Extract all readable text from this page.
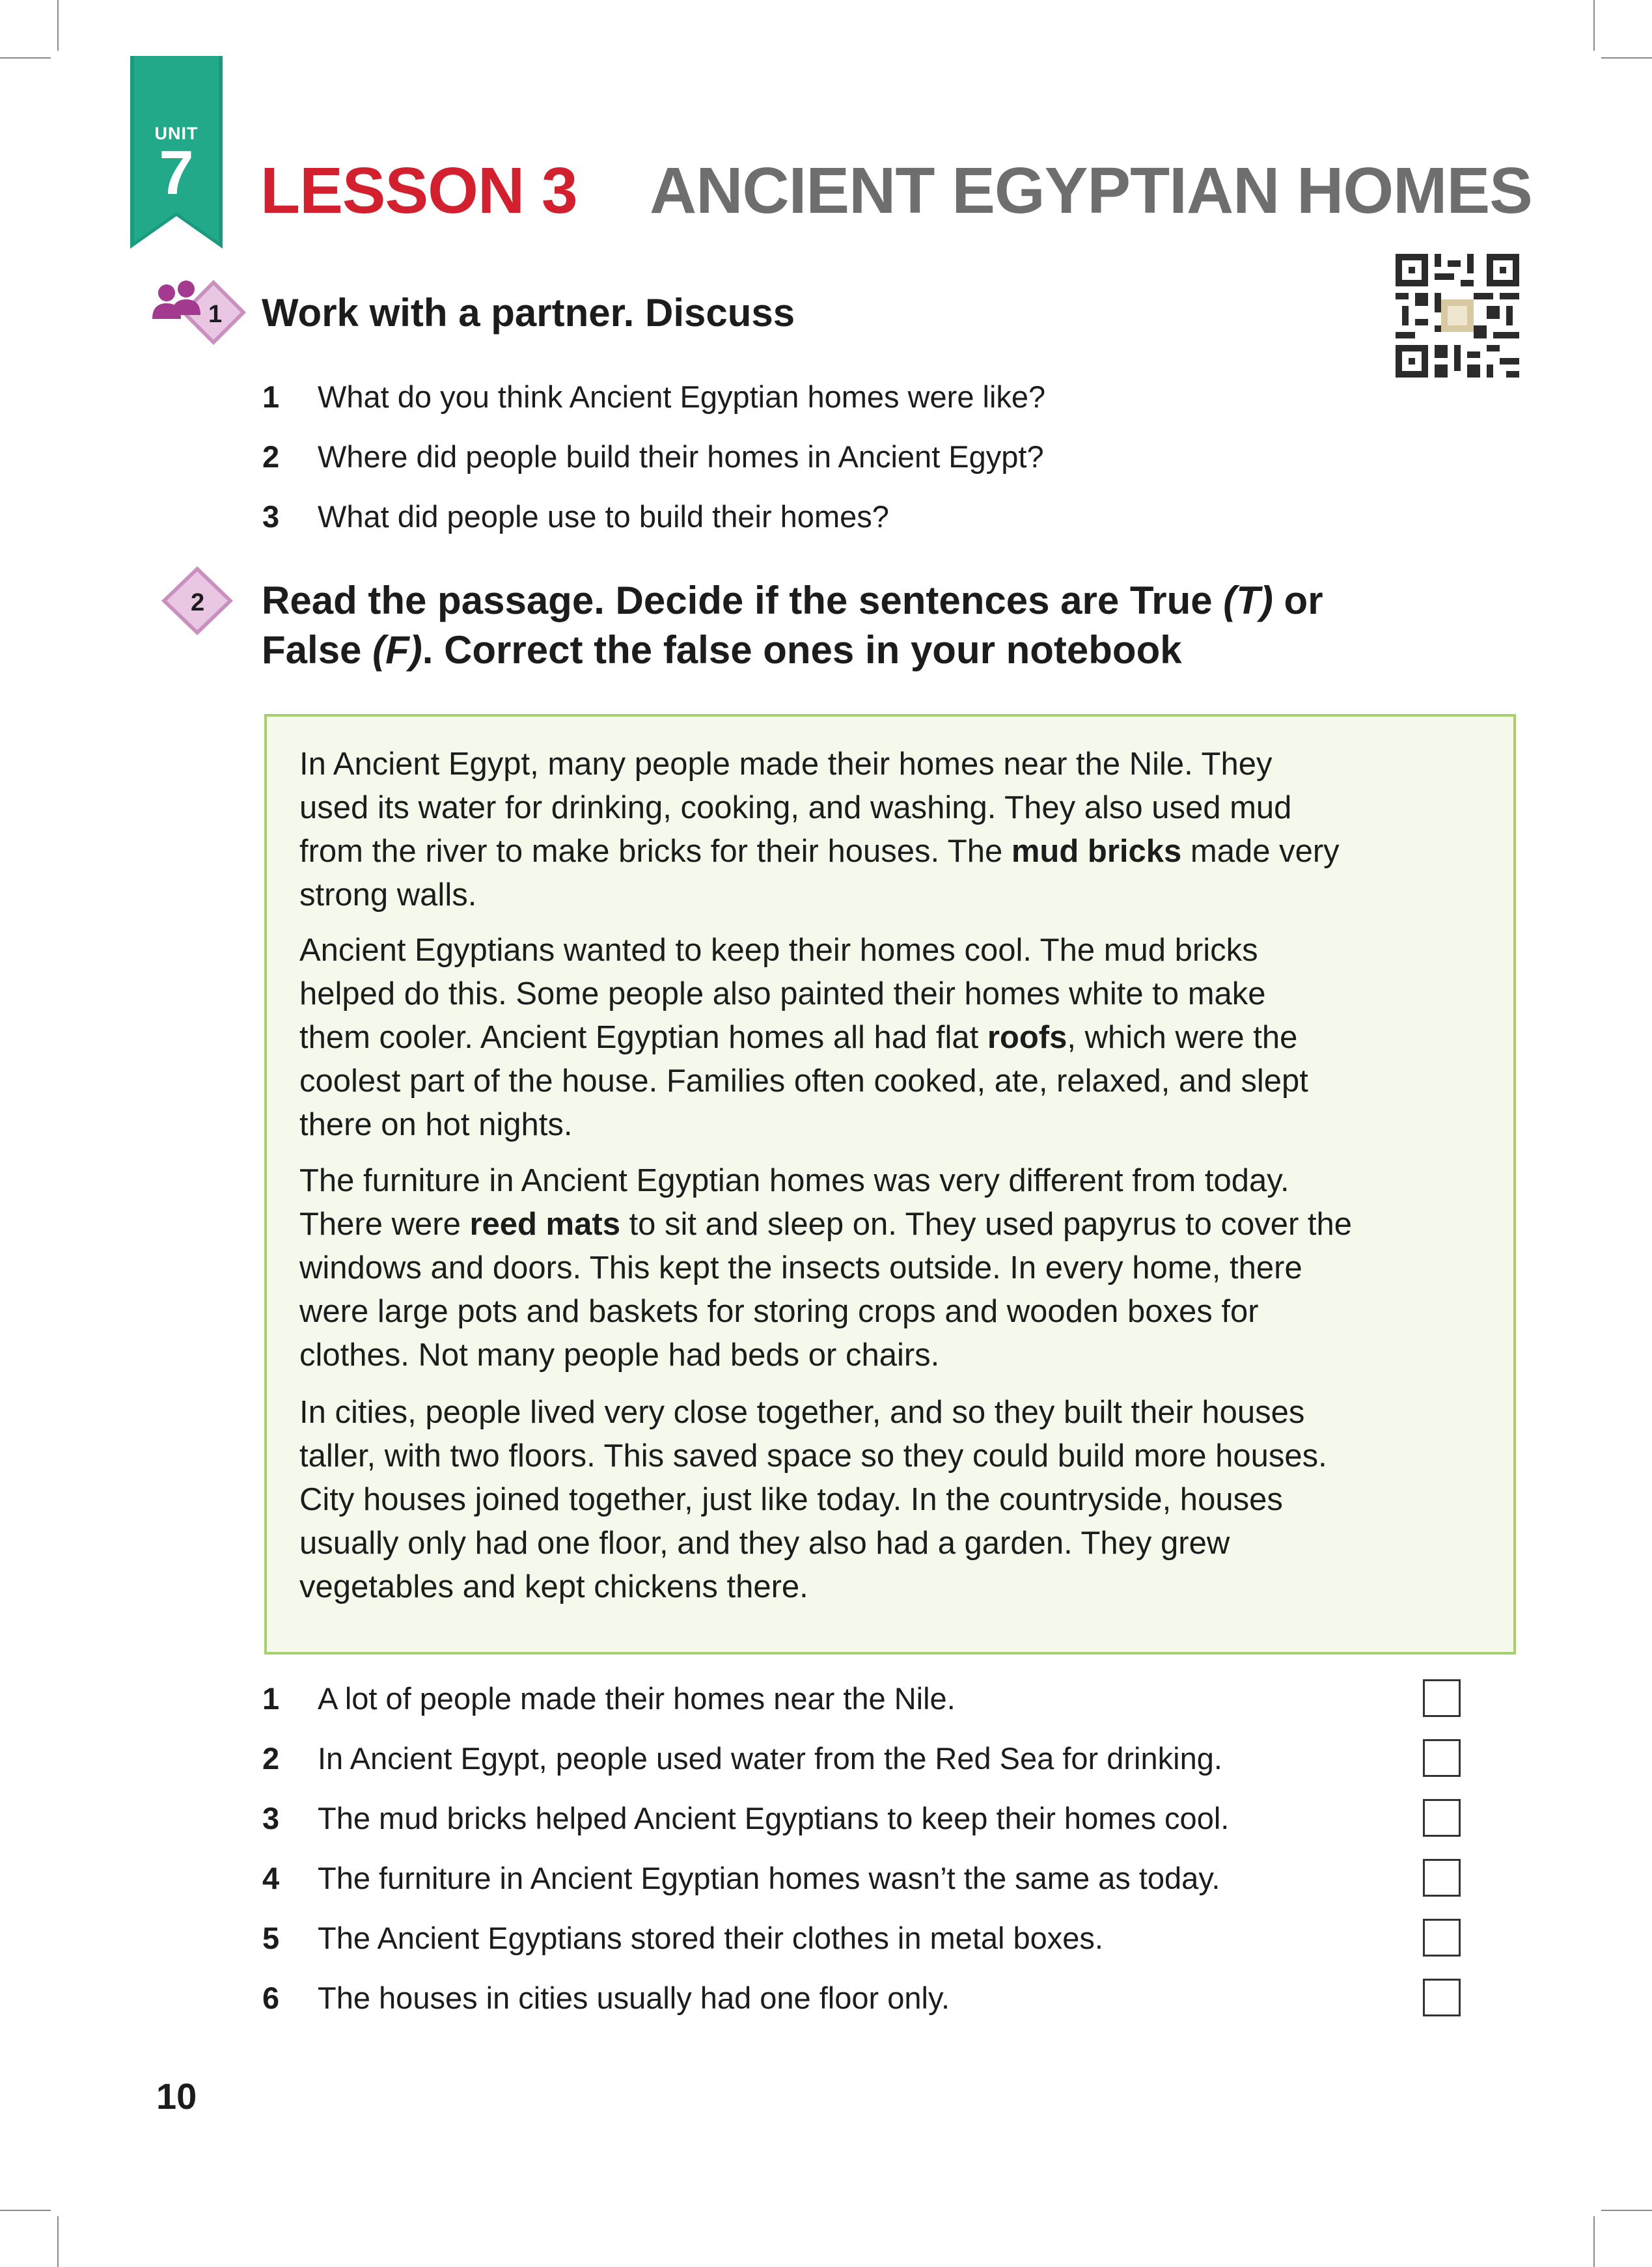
UNIT
7	LESSON 3 ANCIENT EGYPTIAN HOMES
1 Work with a partner. Discuss
1 What do you think Ancient Egyptian homes were like?
2 Where did people build their homes in Ancient Egypt?
3 What did people use to build their homes?
2 Read the passage. Decide if the sentences are True (T) or
False (F). Correct the false ones in your notebook
In Ancient Egypt, many people made their homes near the Nile. They
used its water for drinking, cooking, and washing. They also used mud
from the river to make bricks for their houses. The mud bricks made very
strong walls.
Ancient Egyptians wanted to keep their homes cool. The mud bricks
helped do this. Some people also painted their homes white to make
them cooler. Ancient Egyptian homes all had flat roofs, which were the
coolest part of the house. Families often cooked, ate, relaxed, and slept
there on hot nights.
The furniture in Ancient Egyptian homes was very different from today.
There were reed mats to sit and sleep on. They used papyrus to cover the
windows and doors. This kept the insects outside. In every home, there
were large pots and baskets for storing crops and wooden boxes for
clothes. Not many people had beds or chairs.
In cities, people lived very close together, and so they built their houses
taller, with two floors. This saved space so they could build more houses.
City houses joined together, just like today. In the countryside, houses
usually only had one floor, and they also had a garden. They grew
vegetables and kept chickens there.
1 A lot of people made their homes near the Nile.
2 In Ancient Egypt, people used water from the Red Sea for drinking.
3 The mud bricks helped Ancient Egyptians to keep their homes cool.
4 The furniture in Ancient Egyptian homes wasn’t the same as today.
5 The Ancient Egyptians stored their clothes in metal boxes.
6 The houses in cities usually had one floor only.
10
